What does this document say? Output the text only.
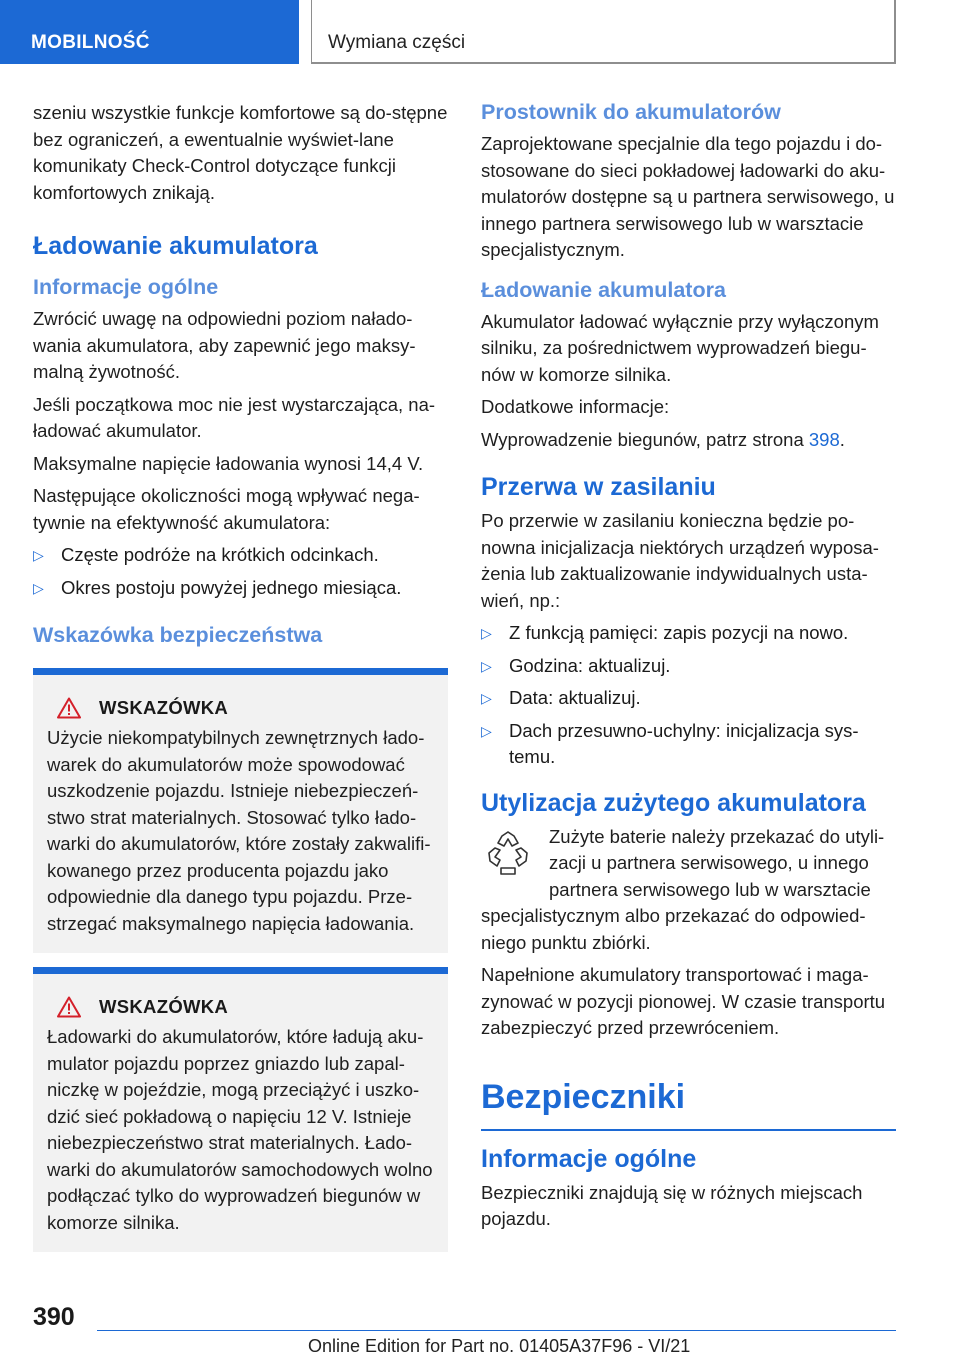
MOBILNOŚĆ	Wymiana części

szeniu wszystkie funkcje komfortowe są do-stępne bez ograniczeń, a ewentualnie wyświet-lane komunikaty Check-Control dotyczące funkcji komfortowych znikają.

Ładowanie akumulatora
Informacje ogólne

Zwrócić uwagę na odpowiedni poziom nałado-wania akumulatora, aby zapewnić jego maksy-malną żywotność.

Jeśli początkowa moc nie jest wystarczająca, na-ładować akumulator.

Maksymalne napięcie ładowania wynosi 14,4 V.

Następujące okoliczności mogą wpływać nega-tywnie na efektywność akumulatora:

▷ Częste podróże na krótkich odcinkach.
▷ Okres postoju powyżej jednego miesiąca.
Wskazówka bezpieczeństwa
WSKAZÓWKA

Użycie niekompatybilnych zewnętrznych łado-warek do akumulatorów może spowodować uszkodzenie pojazdu. Istnieje niebezpieczeń-stwo strat materialnych. Stosować tylko łado-warki do akumulatorów, które zostały zakwalifi-kowanego przez producenta pojazdu jako odpowiednie dla danego typu pojazdu. Prze-strzegać maksymalnego napięcia ładowania.

WSKAZÓWKA

Ładowarki do akumulatorów, które ładują aku-mulator pojazdu poprzez gniazdo lub zapal-niczkę w pojeździe, mogą przeciążyć i uszko-dzić sieć pokładową o napięciu 12 V. Istnieje niebezpieczeństwo strat materialnych. Łado-warki do akumulatorów samochodowych wolno podłączać tylko do wyprowadzeń biegunów w komorze silnika.

Prostownik do akumulatorów

Zaprojektowane specjalnie dla tego pojazdu i do-stosowane do sieci pokładowej ładowarki do aku-mulatorów dostępne są u partnera serwisowego, u innego partnera serwisowego lub w warsztacie specjalistycznym.

Ładowanie akumulatora

Akumulator ładować wyłącznie przy wyłączonym silniku, za pośrednictwem wyprowadzeń biegu-nów w komorze silnika.

Dodatkowe informacje:

Wyprowadzenie biegunów, patrz strona 398.

Przerwa w zasilaniu

Po przerwie w zasilaniu konieczna będzie po-nowna inicjalizacja niektórych urządzeń wyposa-żenia lub zaktualizowanie indywidualnych usta-wień, np.:

▷ Z funkcją pamięci: zapis pozycji na nowo.
▷ Godzina: aktualizuj.
▷ Data: aktualizuj.
▷ Dach przesuwno-uchylny: inicjalizacja sys-temu.
Utylizacja zużytego akumulatora

Zużyte baterie należy przekazać do utyli-zacji u partnera serwisowego, u innego partnera serwisowego lub w warsztacie specjalistycznym albo przekazać do odpowied-niego punktu zbiórki.

Napełnione akumulatory transportować i maga-zynować w pozycji pionowej. W czasie transportu zabezpieczyć przed przewróceniem.

Bezpieczniki
Informacje ogólne

Bezpieczniki znajdują się w różnych miejscach pojazdu.

390
Online Edition for Part no. 01405A37F96 - VI/21
